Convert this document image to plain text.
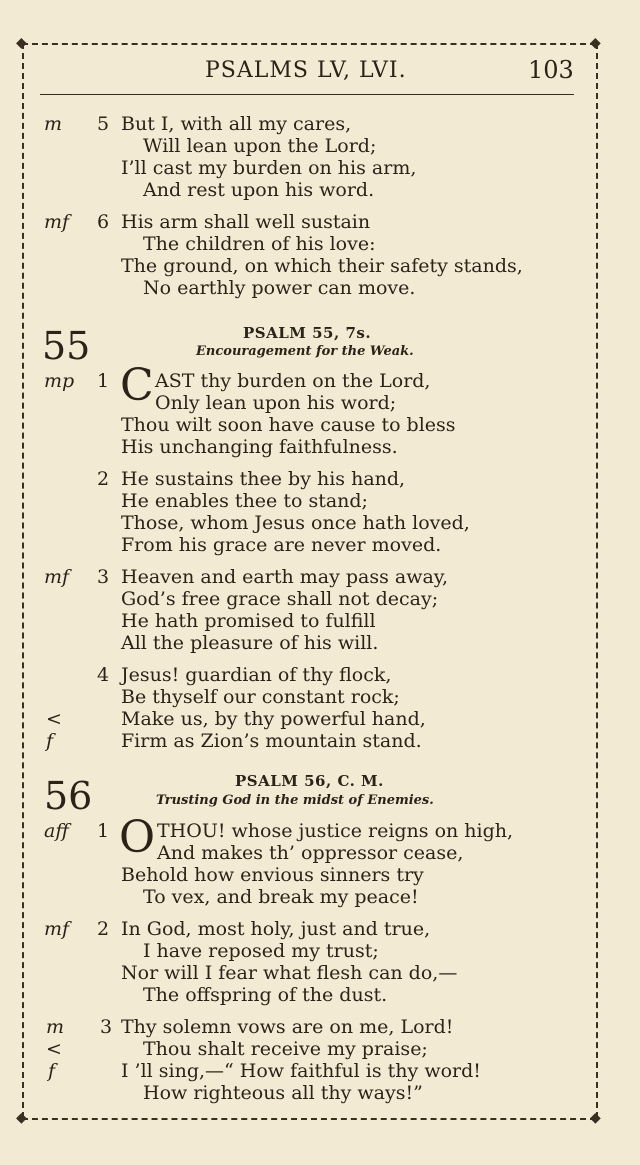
◆	◆
◆	◆
PSALMS LV, LVI.	103
m 5 But I, with all my cares,
Will lean upon the Lord;
I’ll cast my burden on his arm,
And rest upon his word.
mf 6 His arm shall well sustain
The children of his love:
The ground, on which their safety stands,
No earthly power can move.
55	PSALM 55, 7s.
Encouragement for the Weak.
mp 1 C AST thy burden on the Lord,
Only lean upon his word;
Thou wilt soon have cause to bless
His unchanging faithfulness.
2 He sustains thee by his hand,
He enables thee to stand;
Those, whom Jesus once hath loved,
From his grace are never moved.
mf 3 Heaven and earth may pass away,
God’s free grace shall not decay;
He hath promised to fulfill
All the pleasure of his will.
4 Jesus! guardian of thy flock,
Be thyself our constant rock;
<	Make us, by thy powerful hand,
f	Firm as Zion’s mountain stand.
56	PSALM 56, C. M.
Trusting God in the midst of Enemies.
aff 1 O THOU! whose justice reigns on high,
And makes th’ oppressor cease,
Behold how envious sinners try
To vex, and break my peace!
mf 2 In God, most holy, just and true,
I have reposed my trust;
Nor will I fear what flesh can do,—
The offspring of the dust.
m 3 Thy solemn vows are on me, Lord!
<	Thou shalt receive my praise;
f	I ’ll sing,—“ How faithful is thy word!
How righteous all thy ways!”
